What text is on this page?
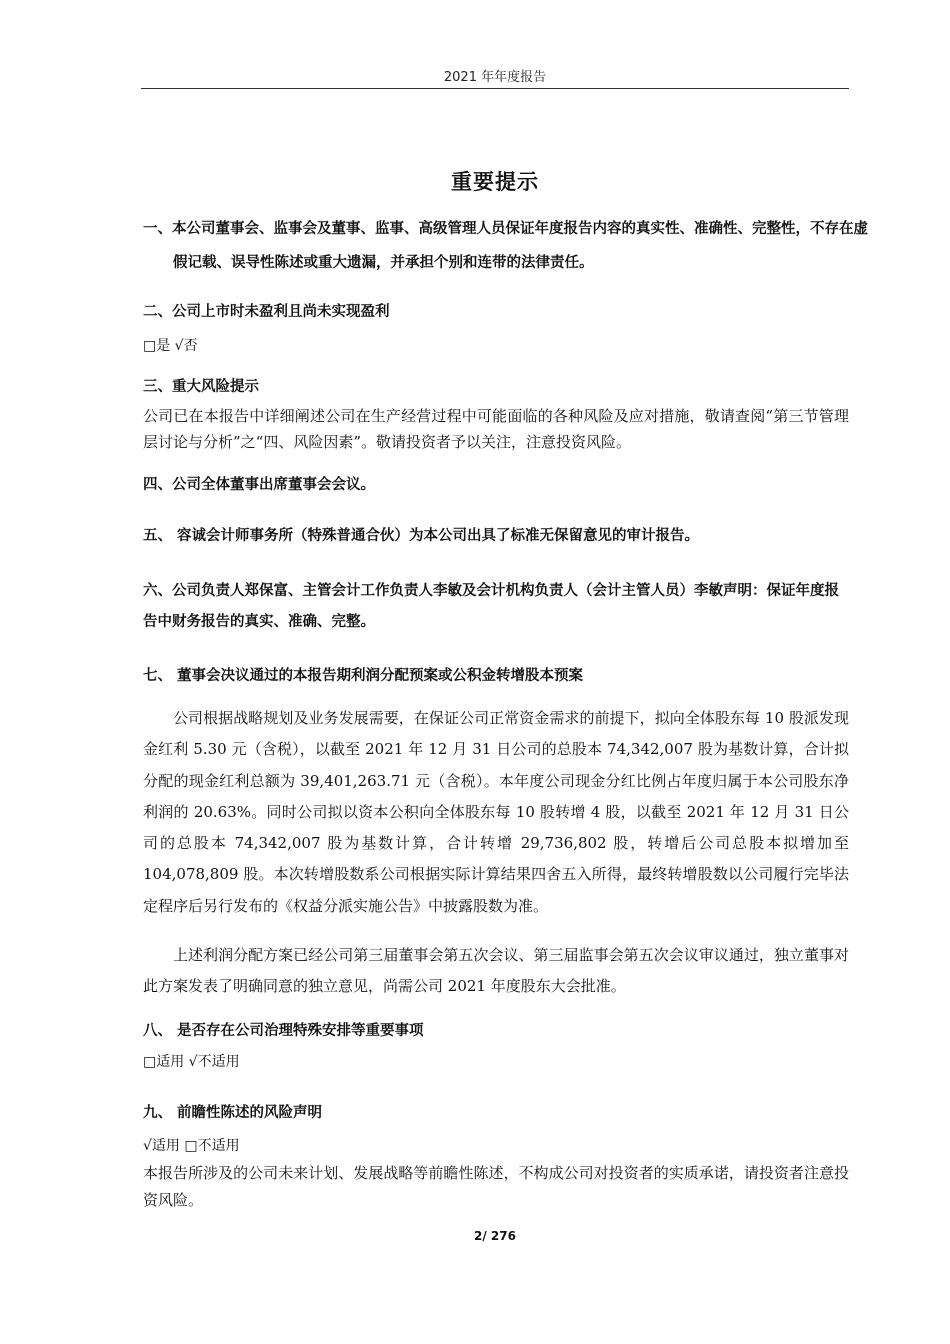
2021 年年度报告
重要提示
一、本公司董事会、监事会及董事、监事、高级管理人员保证年度报告内容的真实性、准确性、完整性，不存在虚假记载、误导性陈述或重大遗漏，并承担个别和连带的法律责任。
二、公司上市时未盈利且尚未实现盈利
□是 √否
三、重大风险提示
公司已在本报告中详细阐述公司在生产经营过程中可能面临的各种风险及应对措施，敬请查阅“第三节管理层讨论与分析”之“四、风险因素”。敬请投资者予以关注，注意投资风险。
四、公司全体董事出席董事会会议。
五、 容诚会计师事务所（特殊普通合伙）为本公司出具了标准无保留意见的审计报告。
六、公司负责人郑保富、主管会计工作负责人李敏及会计机构负责人（会计主管人员）李敏声明：保证年度报告中财务报告的真实、准确、完整。
七、 董事会决议通过的本报告期利润分配预案或公积金转增股本预案
公司根据战略规划及业务发展需要，在保证公司正常资金需求的前提下，拟向全体股东每 10 股派发现金红利 5.30 元（含税），以截至 2021 年 12 月 31 日公司的总股本 74,342,007 股为基数计算，合计拟分配的现金红利总额为 39,401,263.71 元（含税）。本年度公司现金分红比例占年度归属于本公司股东净利润的 20.63%。同时公司拟以资本公积向全体股东每 10 股转增 4 股，以截至 2021 年 12 月 31 日公司的总股本 74,342,007 股为基数计算，合计转增 29,736,802 股，转增后公司总股本拟增加至 104,078,809 股。本次转增股数系公司根据实际计算结果四舍五入所得，最终转增股数以公司履行完毕法定程序后另行发布的《权益分派实施公告》中披露股数为准。
上述利润分配方案已经公司第三届董事会第五次会议、第三届监事会第五次会议审议通过，独立董事对此方案发表了明确同意的独立意见，尚需公司 2021 年度股东大会批准。
八、 是否存在公司治理特殊安排等重要事项
□适用 √不适用
九、 前瞻性陈述的风险声明
√适用 □不适用
本报告所涉及的公司未来计划、发展战略等前瞻性陈述，不构成公司对投资者的实质承诺，请投资者注意投资风险。
2/ 276
